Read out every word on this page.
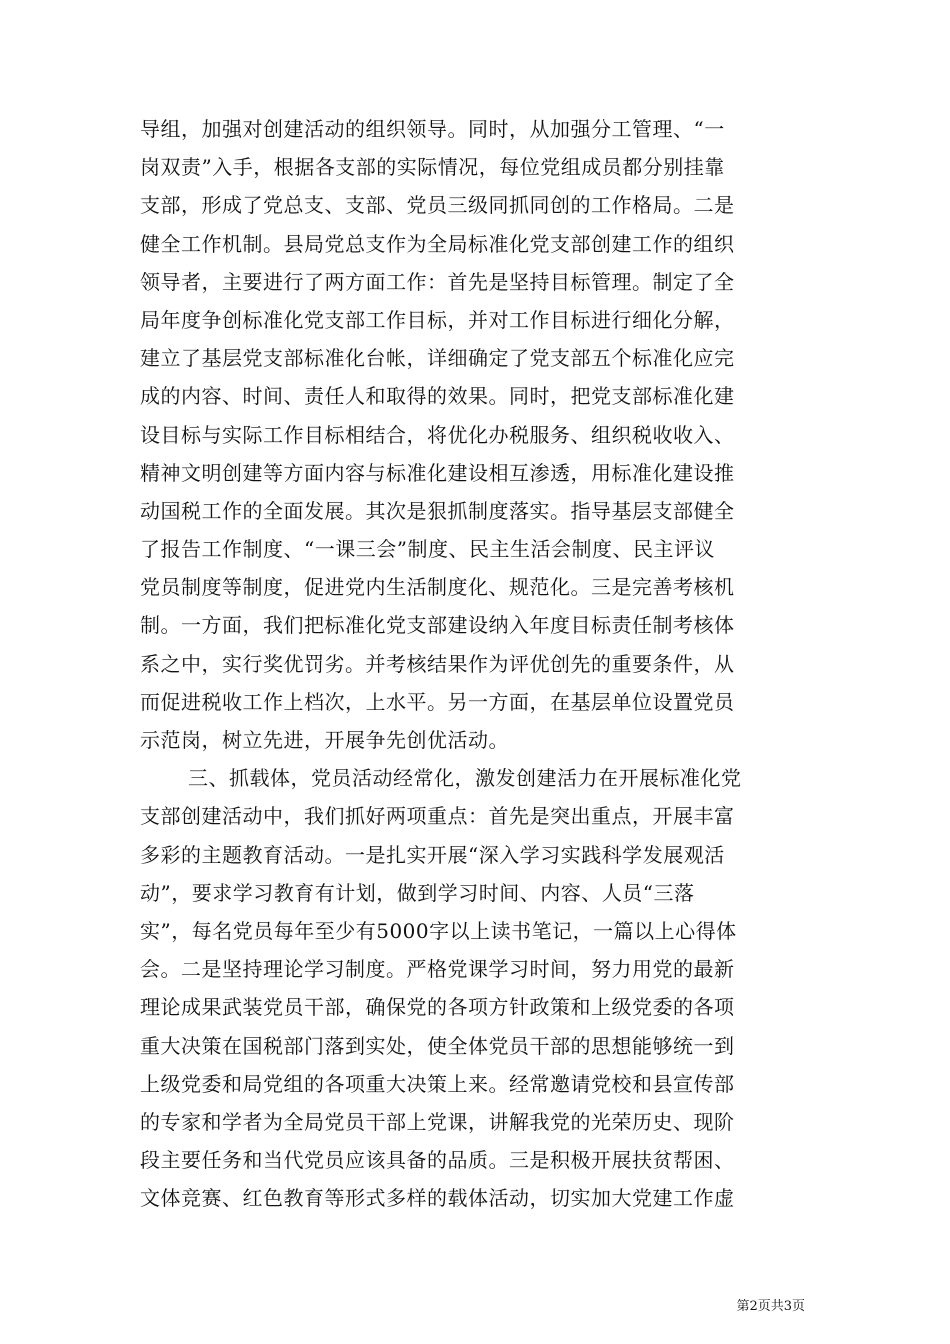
导组，加强对创建活动的组织领导。同时，从加强分工管理、“一
岗双责”入手，根据各支部的实际情况，每位党组成员都分别挂靠
支部，形成了党总支、支部、党员三级同抓同创的工作格局。二是
健全工作机制。县局党总支作为全局标准化党支部创建工作的组织
领导者，主要进行了两方面工作：首先是坚持目标管理。制定了全
局年度争创标准化党支部工作目标，并对工作目标进行细化分解，
建立了基层党支部标准化台帐，详细确定了党支部五个标准化应完
成的内容、时间、责任人和取得的效果。同时，把党支部标准化建
设目标与实际工作目标相结合，将优化办税服务、组织税收收入、
精神文明创建等方面内容与标准化建设相互渗透，用标准化建设推
动国税工作的全面发展。其次是狠抓制度落实。指导基层支部健全
了报告工作制度、“一课三会”制度、民主生活会制度、民主评议
党员制度等制度，促进党内生活制度化、规范化。三是完善考核机
制。一方面，我们把标准化党支部建设纳入年度目标责任制考核体
系之中，实行奖优罚劣。并考核结果作为评优创先的重要条件，从
而促进税收工作上档次，上水平。另一方面，在基层单位设置党员
示范岗，树立先进，开展争先创优活动。
三、抓载体，党员活动经常化，激发创建活力在开展标准化党
支部创建活动中，我们抓好两项重点：首先是突出重点，开展丰富
多彩的主题教育活动。一是扎实开展“深入学习实践科学发展观活
动”，要求学习教育有计划，做到学习时间、内容、人员“三落
实”，每名党员每年至少有5000字以上读书笔记，一篇以上心得体
会。二是坚持理论学习制度。严格党课学习时间，努力用党的最新
理论成果武装党员干部，确保党的各项方针政策和上级党委的各项
重大决策在国税部门落到实处，使全体党员干部的思想能够统一到
上级党委和局党组的各项重大决策上来。经常邀请党校和县宣传部
的专家和学者为全局党员干部上党课，讲解我党的光荣历史、现阶
段主要任务和当代党员应该具备的品质。三是积极开展扶贫帮困、
文体竞赛、红色教育等形式多样的载体活动，切实加大党建工作虚
第2页共3页
